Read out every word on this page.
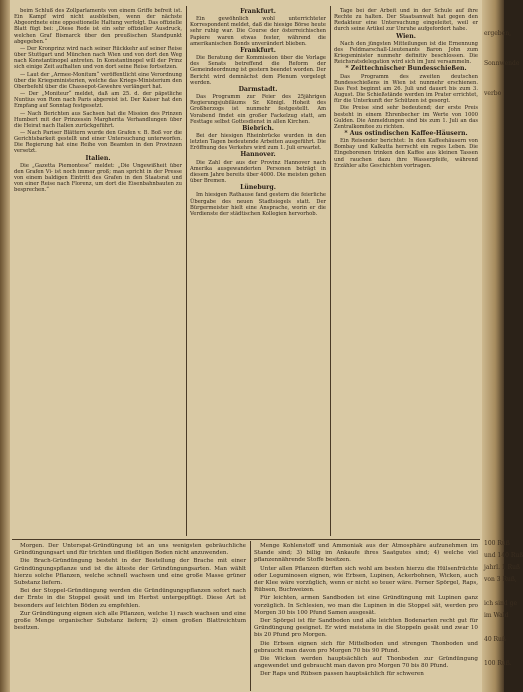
beim Schluß des Zollparlaments von einem Griffe befreit ist. Ein Kampf wird nicht ausbleiben, wenn der nächste Abgeordnete eine oppositionelle Haltung verfolgt. Das offizielle Blatt fügt bei: „Diese Rede ist ein sehr offizieller Ausdruck, welchen Graf Bismarck über den preußischen Standpunkt abgegeben.“

— Der Kronprinz wird nach seiner Rückkehr auf seiner Reise über Stuttgart und München nach Wien und von dort den Weg nach Konstantinopel antreten. In Konstantinopel will der Prinz sich einige Zeit aufhalten und von dort seine Reise fortsetzen.

— Laut der „Armee-Monitum“ veröffentlicht eine Verordnung über die Kriegsministerien, welche das Kriegs-Ministerium den Oberbefehl über die Chassepot-Gewehre verlängert hat.

— Der „Moniteur“ meldet, daß am 25. d. der päpstliche Nuntius von Rom nach Paris abgereist ist. Der Kaiser hat den Empfang auf Sonntag festgesetzt.

— Nach Berichten aus Sachsen hat die Mission des Prinzen Humbert mit der Prinzessin Margherita Verhandlungen über die Heirat nach Italien zurückgeführt.

— Nach Pariser Blättern wurde den Grafen v. B. Boß vor die Gerichtsbarkeit gestellt und einer Untersuchung unterworfen. Die Regierung hat eine Reihe von Beamten in den Provinzen versetzt.

Italien.

Die „Gazetta Piemontese“ meldet: „Die Ungewißheit über den Grafen Vi- ist noch immer groß; man spricht in der Presse von einem baldigen Eintritt des Grafen in den Staatsrat und von einer Reise nach Florenz, um dort die Eisenbahnbauten zu besprechen.“

Frankfurt.

Ein gewöhnlich wohl unterrichteter Korrespondent meldet, daß die hiesige Börse heute sehr ruhig war. Die Course der österreichischen Papiere waren etwas fester, während die amerikanischen Bonds unverändert blieben.

Frankfurt.

Die Beratung der Kommission über die Vorlage des Senats betreffend die Reform der Gemeindeordnung ist gestern beendet worden. Der Bericht wird demnächst dem Plenum vorgelegt werden.

Darmstadt.

Das Programm zur Feier des 25jährigen Regierungsjubiläums Sr. Königl. Hoheit des Großherzogs ist nunmehr festgestellt. Am Vorabend findet ein großer Fackelzug statt, am Festtage selbst Gottesdienst in allen Kirchen.

Biebrich.

Bei der hiesigen Rheinbrücke wurden in den letzten Tagen bedeutende Arbeiten ausgeführt. Die Eröffnung des Verkehrs wird zum 1. Juli erwartet.

Hannover.

Die Zahl der aus der Provinz Hannover nach Amerika ausgewanderten Personen beträgt in diesem Jahre bereits über 4000. Die meisten gehen über Bremen.

Lüneburg.

Im hiesigen Rathause fand gestern die feierliche Übergabe des neuen Stadtsiegels statt. Der Bürgermeister hielt eine Ansprache, worin er die Verdienste der städtischen Kollegien hervorhob.

Tage bei der Arbeit und in der Schule auf ihre Rechte zu halten. Der Staatsanwalt hat gegen den Redakteur eine Untersuchung eingeleitet, weil er durch seine Artikel zur Unruhe aufgefordert habe.

Wien.

Nach den jüngsten Mitteilungen ist die Ernennung des Feldmarschall-Lieutenants Baron John zum Kriegsminister nunmehr definitiv beschlossen. Die Reichsratsdelegation wird sich im Juni versammeln.

* Zeittechnischer Bundesschießen.

Das Programm des zweiten deutschen Bundesschießens in Wien ist nunmehr erschienen. Das Fest beginnt am 26. Juli und dauert bis zum 3. August. Die Schießstände werden im Prater errichtet, für die Unterkunft der Schützen ist gesorgt.

Die Preise sind sehr bedeutend; der erste Preis besteht in einem Ehrenbecher im Werte von 1000 Gulden. Die Anmeldungen sind bis zum 1. Juli an das Zentralkomitee zu richten.

* Aus ostindischen Kaffee-Häusern.

Ein Reisender berichtet: In den Kaffeehäusern von Bombay und Kalkutta herrscht ein reges Leben. Die Eingeborenen trinken den Kaffee aus kleinen Tassen und rauchen dazu ihre Wasserpfeife, während Erzähler alte Geschichten vortragen.

Morgen. Der Unterspat-Gründüngung ist an uns wenigsten gebräuchliche Gründüngungsart und für trichten und fließtigen Boden nicht anzuwenden.

Die Brach-Gründüngung besteht in der Bestellung der Brache mit einer Gründüngungspflanze und ist die älteste der Gründüngungsarten. Man wählt hierzu solche Pflanzen, welche schnell wachsen und eine große Masse grüner Substanz liefern.

Bei der Stoppel-Gründüngung werden die Gründüngungspflanzen sofort nach der Ernte in die Stoppel gesät und im Herbst untergepflügt. Diese Art ist besonders auf leichten Böden zu empfehlen.

Zur Gründüngung eignen sich alle Pflanzen, welche 1) rasch wachsen und eine große Menge organischer Substanz liefern; 2) einen großen Blattreichtum besitzen.

Menge Kohlenstoff und Ammoniak aus der Atmosphäre aufzunehmen im Stande sind; 3) billig im Ankaufe ihres Saatgutes sind; 4) welche viel pflanzennährende Stoffe besitzen.

Unter allen Pflanzen dürften sich wohl am besten hierzu die Hülsenfrüchte oder Leguminosen eignen, wie Erbsen, Lupinen, Ackerbohnen, Wicken, auch der Klee wäre vorzüglich, wenn er nicht so teuer wäre. Ferner Spörgel, Raps, Rübsen, Buchweizen.

Für leichten, armen Sandboden ist eine Gründüngung mit Lupinen ganz vorzüglich. In Schlesien, wo man die Lupinen in die Stoppel sät, werden pro Morgen 30 bis 100 Pfund Samen ausgesät.

Der Spörgel ist für Sandboden und alle leichten Bodenarten recht gut für Gründüngung geeignet. Er wird meistens in die Stoppeln gesät und zwar 10 bis 20 Pfund pro Morgen.

Die Erbsen eignen sich für Mittelboden und strengen Thonboden und gebraucht man davon pro Morgen 70 bis 90 Pfund.

Die Wicken werden hauptsächlich auf Thonboden zur Gründüngung angewendet und gebraucht man davon pro Morgen 70 bis 80 Pfund.

Der Raps und Rübsen passen hauptsächlich für schweren

ergeben,
Sonnwende
verbo
100 Ruß
und 140 Ruß
jahrl. 1 Ruß
von 3 Ruß,
ich sind ge
im Wald
40 Ruß
100 Ruß.
